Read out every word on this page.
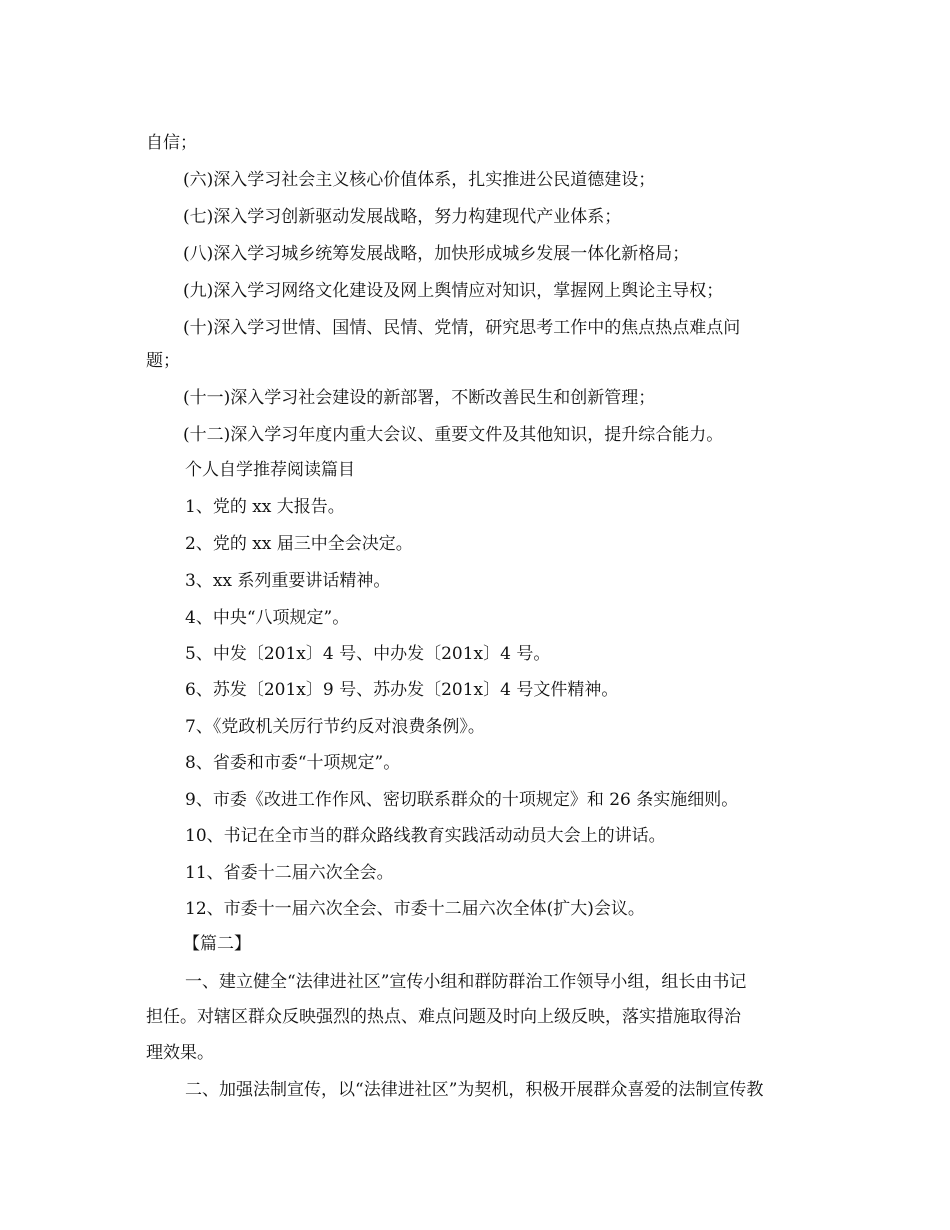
自信；
(六)深入学习社会主义核心价值体系，扎实推进公民道德建设；
(七)深入学习创新驱动发展战略，努力构建现代产业体系；
(八)深入学习城乡统筹发展战略，加快形成城乡发展一体化新格局；
(九)深入学习网络文化建设及网上舆情应对知识，掌握网上舆论主导权；
(十)深入学习世情、国情、民情、党情，研究思考工作中的焦点热点难点问
题；
(十一)深入学习社会建设的新部署，不断改善民生和创新管理；
(十二)深入学习年度内重大会议、重要文件及其他知识，提升综合能力。
个人自学推荐阅读篇目
1、党的 xx 大报告。
2、党的 xx 届三中全会决定。
3、xx 系列重要讲话精神。
4、中央“八项规定”。
5、中发〔201x〕4 号、中办发〔201x〕4 号。
6、苏发〔201x〕9 号、苏办发〔201x〕4 号文件精神。
7、《党政机关厉行节约反对浪费条例》。
8、省委和市委“十项规定”。
9、市委《改进工作作风、密切联系群众的十项规定》和 26 条实施细则。
10、书记在全市当的群众路线教育实践活动动员大会上的讲话。
11、省委十二届六次全会。
12、市委十一届六次全会、市委十二届六次全体(扩大)会议。
【篇二】
一、建立健全“法律进社区”宣传小组和群防群治工作领导小组，组长由书记
担任。对辖区群众反映强烈的热点、难点问题及时向上级反映，落实措施取得治
理效果。
二、加强法制宣传，以“法律进社区”为契机，积极开展群众喜爱的法制宣传教
